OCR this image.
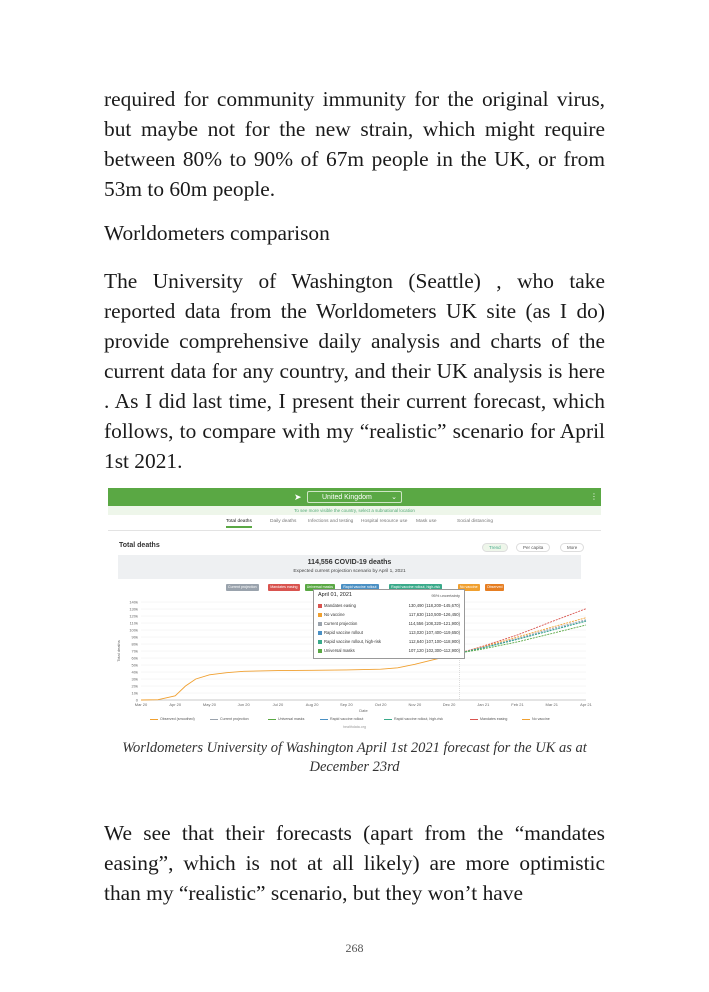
required for community immunity for the original virus, but maybe not for the new strain, which might require between 80% to 90% of 67m people in the UK, or from 53m to 60m people.

Worldometers comparison

The University of Washington (Seattle) , who take reported data from the Worldometers UK site (as I do) provide comprehensive daily analysis and charts of the current data for any country, and their UK analysis is here . As I did last time, I present their current forecast, which follows, to compare with my “realistic” scenario for April 1st 2021.

➤	United Kingdom	⌄	⋮
To see more visible the country, select a subnational location
Total deaths	Daily deaths Infections and testing Hospital resource use Mask use	Social distancing
Total deaths	Trend	Per capita	More
114,556 COVID-19 deaths
Expected current projection scenario by April 1, 2021
Current projection	Mandates easing	Universal masks	Rapid vaccine rollout	Rapid vaccine rollout, high-risk	No vaccine	Observed
0
10k
20k
30k
40k
50k
60k
70k
80k
90k
100k
110k
120k
130k
140k
Mar 20	Apr 20	May 20	Jun 20	Jul 20	Aug 20	Sep 20	Oct 20	Nov 20	Dec 20	Jan 21	Feb 21	Mar 21	Apr 21
Total deaths
Date
April 01, 2021	95% uncertainty
Mandates easing	130,490 (118,200–145,670)
No vaccine	117,630 (110,500–126,450)
Current projection	114,556 (108,320–121,900)
Rapid vaccine rollout	113,020 (107,400–119,650)
Rapid vaccine rollout, high-risk	112,640 (107,100–118,900)
Universal masks	107,120 (102,300–112,900)
Observed (smoothed)	Current projection	Universal masks	Rapid vaccine rollout	Rapid vaccine rollout, high-risk	Mandates easing	No vaccine
healthdata.org
Worldometers University of Washington April 1st 2021 forecast for the UK as at December 23rd

We see that their forecasts (apart from the “mandates easing”, which is not at all likely) are more optimistic than my “realistic” scenario, but they won’t have

268
